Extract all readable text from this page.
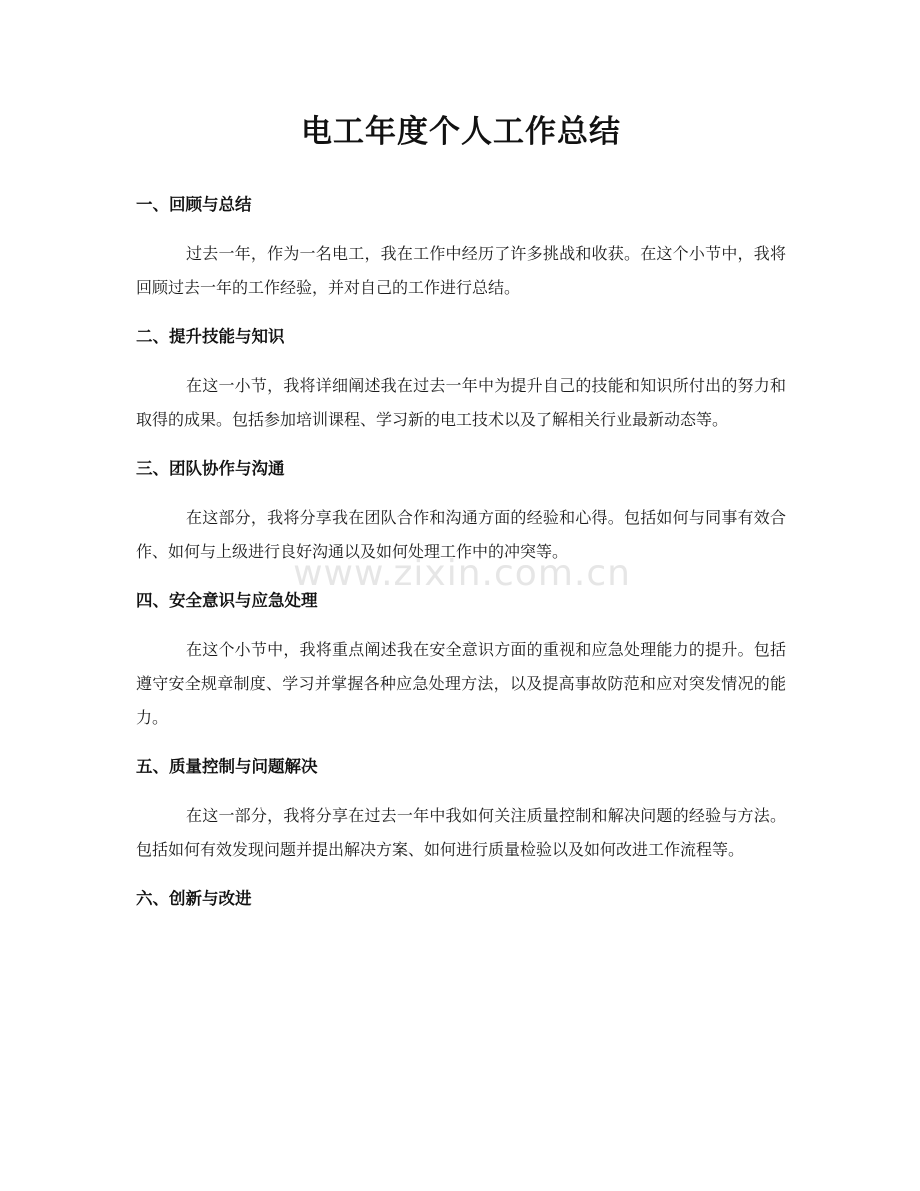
电工年度个人工作总结
一、回顾与总结

过去一年，作为一名电工，我在工作中经历了许多挑战和收获。在这个小节中，我将回顾过去一年的工作经验，并对自己的工作进行总结。

二、提升技能与知识

在这一小节，我将详细阐述我在过去一年中为提升自己的技能和知识所付出的努力和取得的成果。包括参加培训课程、学习新的电工技术以及了解相关行业最新动态等。

三、团队协作与沟通

在这部分，我将分享我在团队合作和沟通方面的经验和心得。包括如何与同事有效合作、如何与上级进行良好沟通以及如何处理工作中的冲突等。

四、安全意识与应急处理

在这个小节中，我将重点阐述我在安全意识方面的重视和应急处理能力的提升。包括遵守安全规章制度、学习并掌握各种应急处理方法，以及提高事故防范和应对突发情况的能力。

五、质量控制与问题解决

在这一部分，我将分享在过去一年中我如何关注质量控制和解决问题的经验与方法。包括如何有效发现问题并提出解决方案、如何进行质量检验以及如何改进工作流程等。

六、创新与改进
www.zixin.com.cn
